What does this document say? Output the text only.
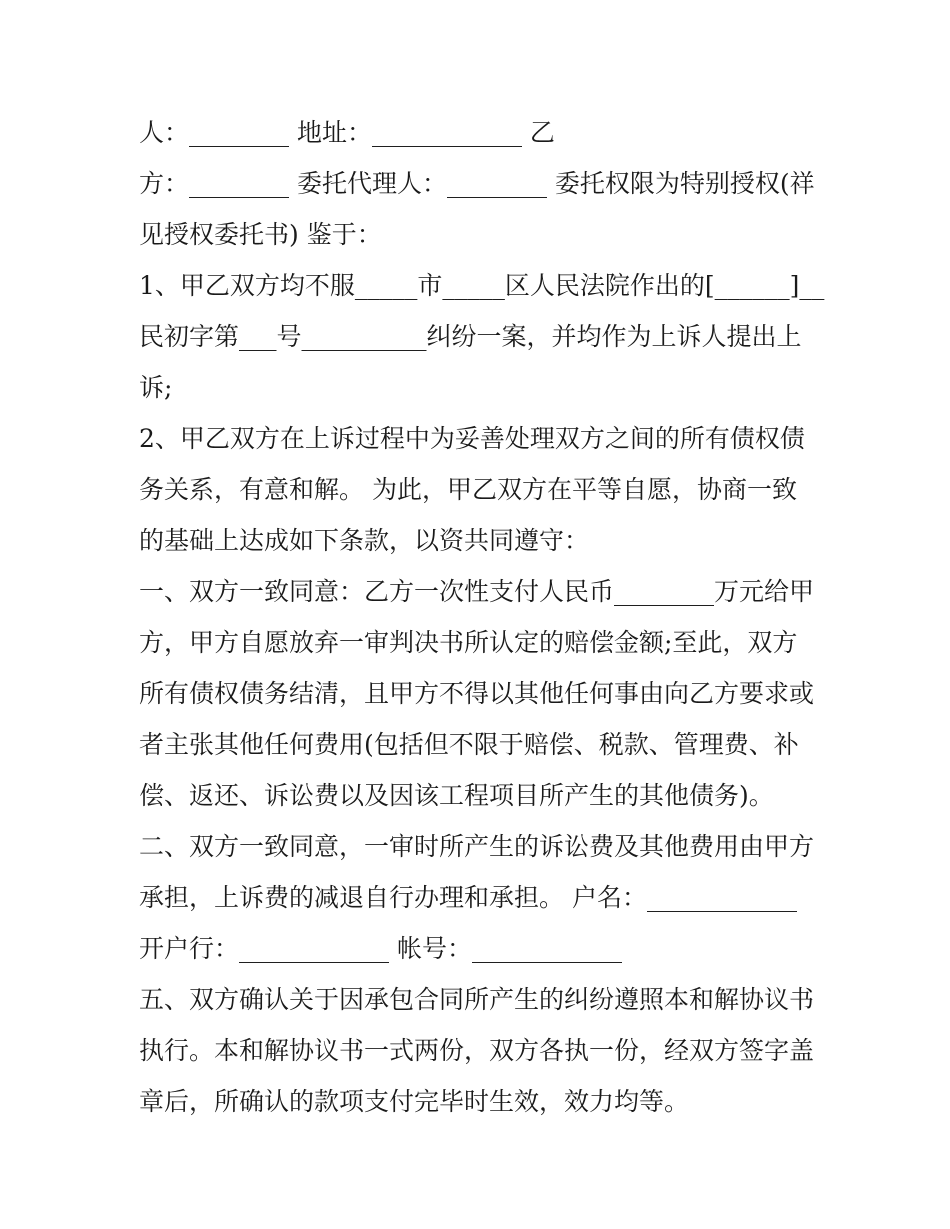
人：________ 地址：____________ 乙

方：________ 委托代理人：________ 委托权限为特别授权(祥

见授权委托书) 鉴于：

1、甲乙双方均不服_____市_____区人民法院作出的[______]__

民初字第___号__________纠纷一案，并均作为上诉人提出上

诉;

2、甲乙双方在上诉过程中为妥善处理双方之间的所有债权债

务关系，有意和解。 为此，甲乙双方在平等自愿，协商一致

的基础上达成如下条款，以资共同遵守：

一、双方一致同意：乙方一次性支付人民币________万元给甲

方，甲方自愿放弃一审判决书所认定的赔偿金额;至此，双方

所有债权债务结清，且甲方不得以其他任何事由向乙方要求或

者主张其他任何费用(包括但不限于赔偿、税款、管理费、补

偿、返还、诉讼费以及因该工程项目所产生的其他债务)。

二、双方一致同意，一审时所产生的诉讼费及其他费用由甲方

承担，上诉费的减退自行办理和承担。 户名：____________

开户行：____________ 帐号：____________

五、双方确认关于因承包合同所产生的纠纷遵照本和解协议书

执行。本和解协议书一式两份，双方各执一份，经双方签字盖

章后，所确认的款项支付完毕时生效，效力均等。
